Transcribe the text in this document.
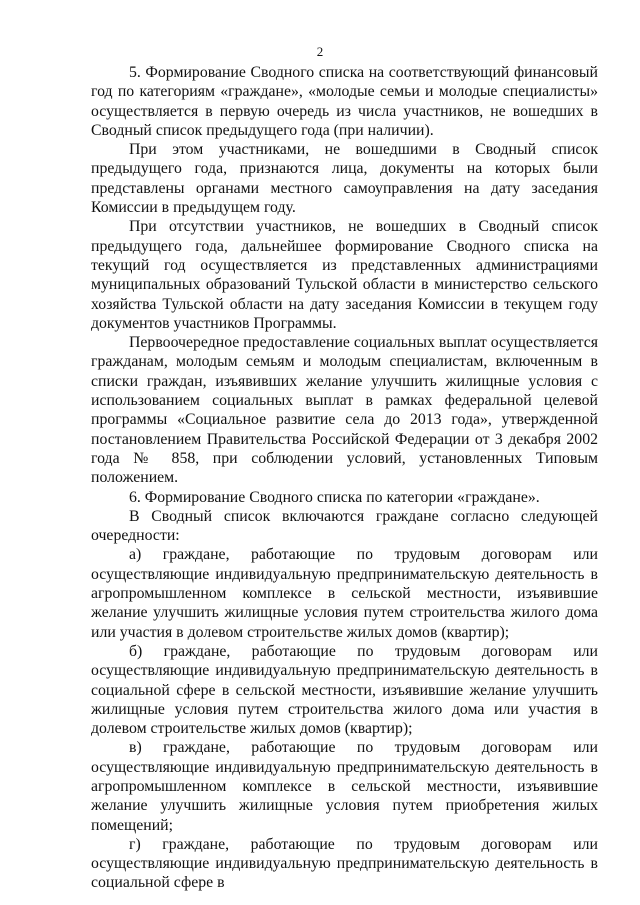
2

5. Формирование Сводного списка на соответствующий финансовый год по категориям «граждане», «молодые семьи и молодые специалисты» осуществляется в первую очередь из числа участников, не вошедших в Сводный список предыдущего года (при наличии).

При этом участниками, не вошедшими в Сводный список предыдущего года, признаются лица, документы на которых были представлены органами местного самоуправления на дату заседания Комиссии в предыдущем году.

При отсутствии участников, не вошедших в Сводный список предыдущего года, дальнейшее формирование Сводного списка на текущий год осуществляется из представленных администрациями муниципальных образований Тульской области в министерство сельского хозяйства Тульской области на дату заседания Комиссии в текущем году документов участников Программы.

Первоочередное предоставление социальных выплат осуществляется гражданам, молодым семьям и молодым специалистам, включенным в списки граждан, изъявивших желание улучшить жилищные условия с использованием социальных выплат в рамках федеральной целевой программы «Социальное развитие села до 2013 года», утвержденной постановлением Правительства Российской Федерации от 3 декабря 2002 года № 858, при соблюдении условий, установленных Типовым положением.

6. Формирование Сводного списка по категории «граждане».

В Сводный список включаются граждане согласно следующей очередности:

а) граждане, работающие по трудовым договорам или осуществляющие индивидуальную предпринимательскую деятельность в агропромышленном комплексе в сельской местности, изъявившие желание улучшить жилищные условия путем строительства жилого дома или участия в долевом строительстве жилых домов (квартир);

б) граждане, работающие по трудовым договорам или осуществляющие индивидуальную предпринимательскую деятельность в социальной сфере в сельской местности, изъявившие желание улучшить жилищные условия путем строительства жилого дома или участия в долевом строительстве жилых домов (квартир);

в) граждане, работающие по трудовым договорам или осуществляющие индивидуальную предпринимательскую деятельность в агропромышленном комплексе в сельской местности, изъявившие желание улучшить жилищные условия путем приобретения жилых помещений;

г) граждане, работающие по трудовым договорам или осуществляющие индивидуальную предпринимательскую деятельность в социальной сфере в
